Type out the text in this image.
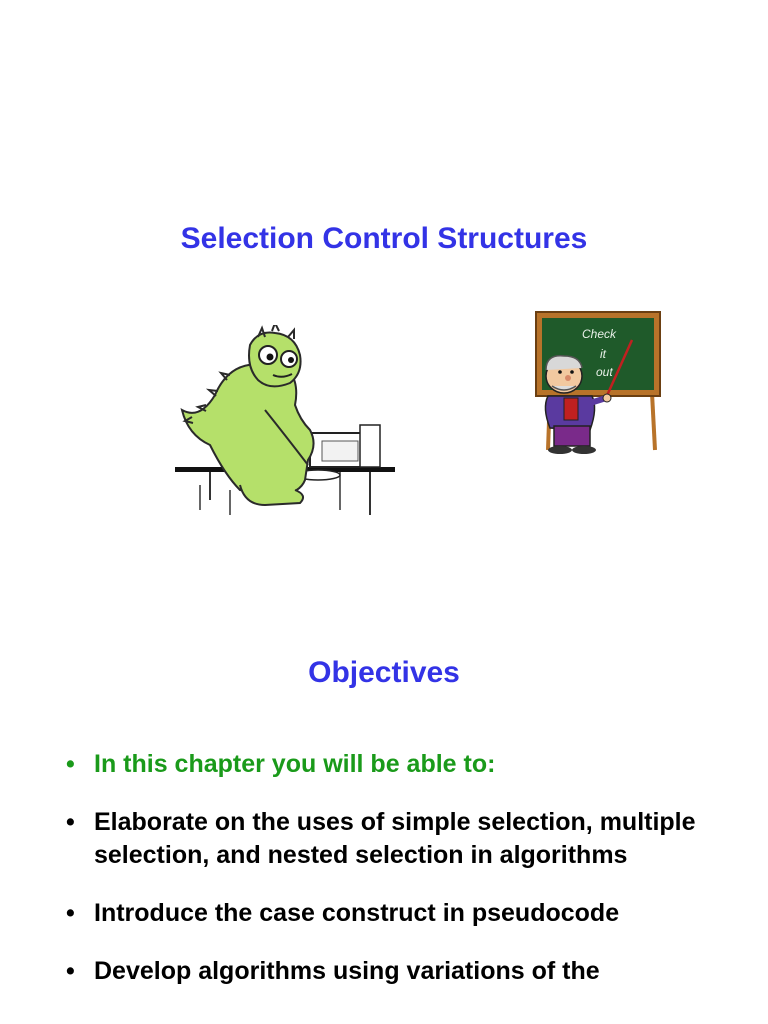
Selection Control Structures
Check
it
out
Objectives
• In this chapter you will be able to:
• Elaborate on the uses of simple selection, multiple selection, and nested selection in algorithms
• Introduce the case construct in pseudocode
• Develop algorithms using variations of the
